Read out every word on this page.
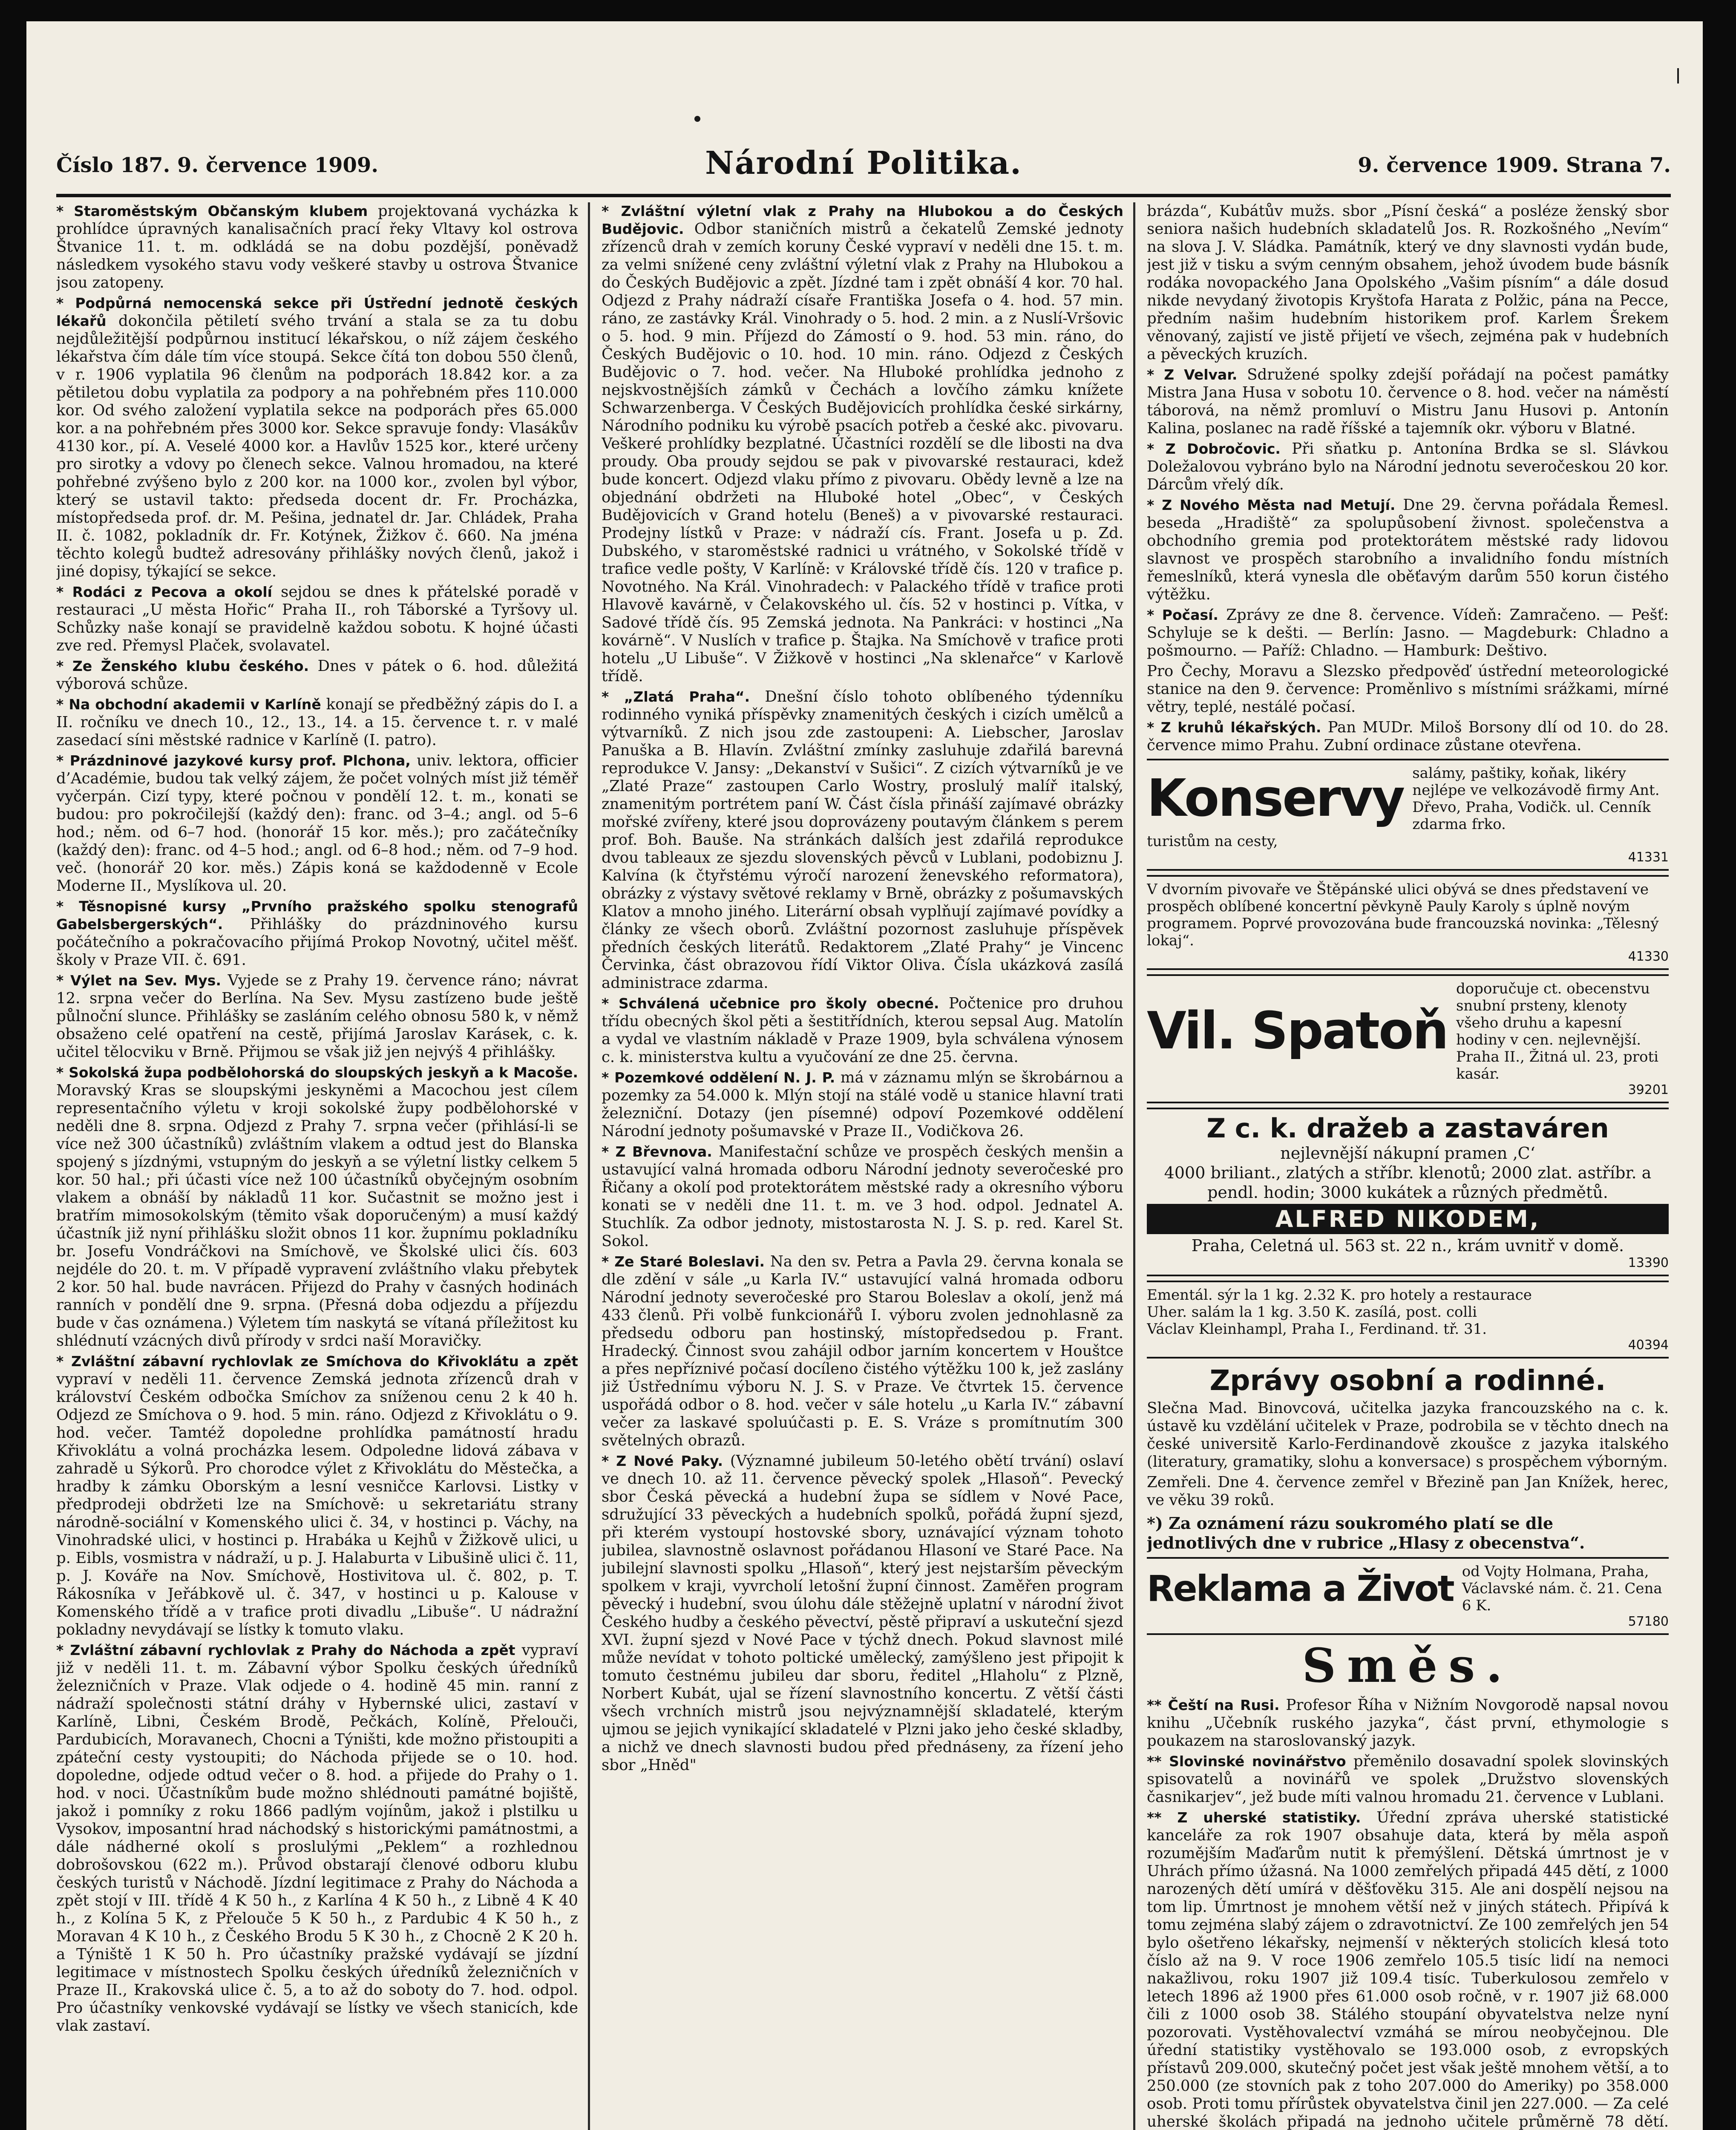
Číslo 187. 9. července 1909.	Národní Politika.	9. července 1909. Strana 7.

* Staroměstským Občanským klubem projektovaná vycházka k prohlídce úpravných kanalisačních prací řeky Vltavy kol ostrova Štvanice 11. t. m. odkládá se na dobu pozdější, poněvadž následkem vysokého stavu vody veškeré stavby u ostrova Štvanice jsou zatopeny.

* Podpůrná nemocenská sekce při Ústřední jednotě českých lékařů dokončila pětiletí svého trvání a stala se za tu dobu nejdůležitější podpůrnou institucí lékařskou, o níž zájem českého lékařstva čím dále tím více stoupá. Sekce čítá ton dobou 550 členů, v r. 1906 vyplatila 96 členům na podporách 18.842 kor. a za pětiletou dobu vyplatila za podpory a na pohřebném přes 110.000 kor. Od svého založení vyplatila sekce na podporách přes 65.000 kor. a na pohřebném přes 3000 kor. Sekce spravuje fondy: Vlasákův 4130 kor., pí. A. Veselé 4000 kor. a Havlův 1525 kor., které určeny pro sirotky a vdovy po členech sekce. Valnou hromadou, na které pohřebné zvýšeno bylo z 200 kor. na 1000 kor., zvolen byl výbor, který se ustavil takto: předseda docent dr. Fr. Procházka, místopředseda prof. dr. M. Pešina, jednatel dr. Jar. Chládek, Praha II. č. 1082, pokladník dr. Fr. Kotýnek, Žižkov č. 660. Na jména těchto kolegů budtež adresovány přihlášky nových členů, jakož i jiné dopisy, týkající se sekce.

* Rodáci z Pecova a okolí sejdou se dnes k přátelské poradě v restauraci „U města Hořic“ Praha II., roh Táborské a Tyršovy ul. Schůzky naše konají se pravidelně každou sobotu. K hojné účasti zve red. Přemysl Plaček, svolavatel.

* Ze Ženského klubu českého. Dnes v pátek o 6. hod. důležitá výborová schůze.

* Na obchodní akademii v Karlíně konají se předběžný zápis do I. a II. ročníku ve dnech 10., 12., 13., 14. a 15. července t. r. v malé zasedací síni městské radnice v Karlíně (I. patro).

* Prázdninové jazykové kursy prof. Plchona, univ. lektora, officier d’Académie, budou tak velký zájem, že počet volných míst již téměř vyčerpán. Cizí typy, které počnou v pondělí 12. t. m., konati se budou: pro pokročilejší (každý den): franc. od 3–4.; angl. od 5–6 hod.; něm. od 6–7 hod. (honorář 15 kor. měs.); pro začátečníky (každý den): franc. od 4–5 hod.; angl. od 6–8 hod.; něm. od 7–9 hod. več. (honorář 20 kor. měs.) Zápis koná se každodenně v Ecole Moderne II., Myslíkova ul. 20.

* Těsnopisné kursy „Prvního pražského spolku stenografů Gabelsbergerských“. Přihlášky do prázdninového kursu počátečního a pokračovacího přijímá Prokop Novotný, učitel měšť. školy v Praze VII. č. 691.

* Výlet na Sev. Mys. Vyjede se z Prahy 19. července ráno; návrat 12. srpna večer do Berlína. Na Sev. Mysu zastízeno bude ještě půlnoční slunce. Přihlášky se zasláním celého obnosu 580 k, v němž obsaženo celé opatření na cestě, přijímá Jaroslav Karásek, c. k. učitel tělocviku v Brně. Přijmou se však již jen nejvýš 4 přihlášky.

* Sokolská župa podbělohorská do sloupských jeskyň a k Macoše. Moravský Kras se sloupskými jeskyněmi a Macochou jest cílem representačního výletu v kroji sokolské župy podbělohorské v neděli dne 8. srpna. Odjezd z Prahy 7. srpna večer (přihlásí-li se více než 300 účastníků) zvláštním vlakem a odtud jest do Blanska spojený s jízdnými, vstupným do jeskyň a se výletní listky celkem 5 kor. 50 hal.; při účasti více než 100 účastníků obyčejným osobním vlakem a obnáší by nákladů 11 kor. Sučastnit se možno jest i bratřím mimosokolským (těmito však doporučeným) a musí každý účastník již nyní přihlášku složit obnos 11 kor. župnímu pokladníku br. Josefu Vondráčkovi na Smíchově, ve Školské ulici čís. 603 nejdéle do 20. t. m. V případě vypravení zvláštního vlaku přebytek 2 kor. 50 hal. bude navrácen. Přijezd do Prahy v časných hodinách ranních v pondělí dne 9. srpna. (Přesná doba odjezdu a příjezdu bude v čas oznámena.) Výletem tím naskytá se vítaná příležitost ku shlédnutí vzácných divů přírody v srdci naší Moravičky.

* Zvláštní zábavní rychlovlak ze Smíchova do Křivoklátu a zpět vypraví v neděli 11. července Zemská jednota zřízenců drah v království Českém odbočka Smíchov za sníženou cenu 2 k 40 h. Odjezd ze Smíchova o 9. hod. 5 min. ráno. Odjezd z Křivoklátu o 9. hod. večer. Tamtéž dopoledne prohlídka památností hradu Křivoklátu a volná procházka lesem. Odpoledne lidová zábava v zahradě u Sýkorů. Pro chorodce výlet z Křivoklátu do Městečka, a hradby k zámku Oborským a lesní vesničce Karlovsi. Listky v předprodeji obdržeti lze na Smíchově: u sekretariátu strany národně-sociální v Komenského ulici č. 34, v hostinci p. Váchy, na Vinohradské ulici, v hostinci p. Hrabáka u Kejhů v Žižkově ulici, u p. Eibls, vosmistra v nádraží, u p. J. Halaburta v Libušině ulici č. 11, p. J. Kováře na Nov. Smíchově, Hostivitova ul. č. 802, p. T. Rákosníka v Jeřábkově ul. č. 347, v hostinci u p. Kalouse v Komenského třídě a v trafice proti divadlu „Libuše“. U nádražní pokladny nevydávají se lístky k tomuto vlaku.

* Zvláštní zábavní rychlovlak z Prahy do Náchoda a zpět vypraví již v neděli 11. t. m. Zábavní výbor Spolku českých úředníků železničních v Praze. Vlak odjede o 4. hodině 45 min. ranní z nádraží společnosti státní dráhy v Hybernské ulici, zastaví v Karlíně, Libni, Českém Brodě, Pečkách, Kolíně, Přelouči, Pardubicích, Moravanech, Chocni a Týništi, kde možno přistoupiti a zpáteční cesty vystoupiti; do Náchoda přijede se o 10. hod. dopoledne, odjede odtud večer o 8. hod. a přijede do Prahy o 1. hod. v noci. Účastníkům bude možno shlédnouti památné bojiště, jakož i pomníky z roku 1866 padlým vojínům, jakož i plstilku u Vysokov, imposantní hrad náchodský s historickými památnostmi, a dále nádherné okolí s proslulými „Peklem“ a rozhlednou dobrošovskou (622 m.). Průvod obstarají členové odboru klubu českých turistů v Náchodě. Jízdní legitimace z Prahy do Náchoda a zpět stojí v III. třídě 4 K 50 h., z Karlína 4 K 50 h., z Libně 4 K 40 h., z Kolína 5 K, z Přelouče 5 K 50 h., z Pardubic 4 K 50 h., z Moravan 4 K 10 h., z Českého Brodu 5 K 30 h., z Chocně 2 K 20 h. a Týniště 1 K 50 h. Pro účastníky pražské vydávají se jízdní legitimace v místnostech Spolku českých úředníků železničních v Praze II., Krakovská ulice č. 5, a to až do soboty do 7. hod. odpol. Pro účastníky venkovské vydávají se lístky ve všech stanicích, kde vlak zastaví.

* Zvláštní výletní vlak z Prahy na Hlubokou a do Českých Budějovic. Odbor staničních mistrů a čekatelů Zemské jednoty zřízenců drah v zemích koruny České vypraví v neděli dne 15. t. m. za velmi snížené ceny zvláštní výletní vlak z Prahy na Hlubokou a do Českých Budějovic a zpět. Jízdné tam i zpět obnáší 4 kor. 70 hal. Odjezd z Prahy nádraží císaře Františka Josefa o 4. hod. 57 min. ráno, ze zastávky Král. Vinohrady o 5. hod. 2 min. a z Nuslí-Vršovic o 5. hod. 9 min. Příjezd do Zámostí o 9. hod. 53 min. ráno, do Českých Budějovic o 10. hod. 10 min. ráno. Odjezd z Českých Budějovic o 7. hod. večer. Na Hluboké prohlídka jednoho z nejskvostnějších zámků v Čechách a lovčího zámku knížete Schwarzenberga. V Českých Budějovicích prohlídka české sirkárny, Národního podniku ku výrobě psacích potřeb a české akc. pivovaru. Veškeré prohlídky bezplatné. Účastníci rozdělí se dle libosti na dva proudy. Oba proudy sejdou se pak v pivovarské restauraci, kdež bude koncert. Odjezd vlaku přímo z pivovaru. Obědy levně a lze na objednání obdržeti na Hluboké hotel „Obec“, v Českých Budějovicích v Grand hotelu (Beneš) a v pivovarské restauraci. Prodejny lístků v Praze: v nádraží cís. Frant. Josefa u p. Zd. Dubského, v staroměstské radnici u vrátného, v Sokolské třídě v trafice vedle pošty, V Karlíně: v Královské třídě čís. 120 v trafice p. Novotného. Na Král. Vinohradech: v Palackého třídě v trafice proti Hlavově kavárně, v Čelakovského ul. čís. 52 v hostinci p. Vítka, v Sadové třídě čís. 95 Zemská jednota. Na Pankráci: v hostinci „Na kovárně“. V Nuslích v trafice p. Štajka. Na Smíchově v trafice proti hotelu „U Libuše“. V Žižkově v hostinci „Na sklenařce“ v Karlově třídě.

* „Zlatá Praha“. Dnešní číslo tohoto oblíbeného týdenníku rodinného vyniká příspěvky znamenitých českých i cizích umělců a výtvarníků. Z nich jsou zde zastoupeni: A. Liebscher, Jaroslav Panuška a B. Hlavín. Zvláštní zmínky zasluhuje zdařilá barevná reprodukce V. Jansy: „Dekanství v Sušici“. Z cizích výtvarníků je ve „Zlaté Praze“ zastoupen Carlo Wostry, proslulý malíř italský, znamenitým portrétem paní W. Část čísla přináší zajímavé obrázky mořské zvířeny, které jsou doprovázeny poutavým článkem s perem prof. Boh. Bauše. Na stránkách dalších jest zdařilá reprodukce dvou tableaux ze sjezdu slovenských pěvců v Lublani, podobiznu J. Kalvína (k čtyřstému výročí narození ženevského reformatora), obrázky z výstavy světové reklamy v Brně, obrázky z pošumavských Klatov a mnoho jiného. Literární obsah vyplňují zajímavé povídky a články ze všech oborů. Zvláštní pozornost zasluhuje příspěvek předních českých literátů. Redaktorem „Zlaté Prahy“ je Vincenc Červinka, část obrazovou řídí Viktor Oliva. Čísla ukázková zasílá administrace zdarma.

* Schválená učebnice pro školy obecné. Počtenice pro druhou třídu obecných škol pěti a šestitřídních, kterou sepsal Aug. Matolín a vydal ve vlastním nákladě v Praze 1909, byla schválena výnosem c. k. ministerstva kultu a vyučování ze dne 25. června.

* Pozemkové oddělení N. J. P. má v záznamu mlýn se škrobárnou a pozemky za 54.000 k. Mlýn stojí na stálé vodě u stanice hlavní trati železniční. Dotazy (jen písemné) odpoví Pozemkové oddělení Národní jednoty pošumavské v Praze II., Vodičkova 26.

* Z Břevnova. Manifestační schůze ve prospěch českých menšin a ustavující valná hromada odboru Národní jednoty severočeské pro Řičany a okolí pod protektorátem městské rady a okresního výboru konati se v neděli dne 11. t. m. ve 3 hod. odpol. Jednatel A. Stuchlík. Za odbor jednoty, mistostarosta N. J. S. p. red. Karel St. Sokol.

* Ze Staré Boleslavi. Na den sv. Petra a Pavla 29. června konala se dle zdění v sále „u Karla IV.“ ustavující valná hromada odboru Národní jednoty severočeské pro Starou Boleslav a okolí, jenž má 433 členů. Při volbě funkcionářů I. výboru zvolen jednohlasně za předsedu odboru pan hostinský, místopředsedou p. Frant. Hradecký. Činnost svou zahájil odbor jarním koncertem v Houštce a přes nepříznivé počasí docíleno čistého výtěžku 100 k, jež zaslány již Ústřednímu výboru N. J. S. v Praze. Ve čtvrtek 15. července uspořádá odbor o 8. hod. večer v sále hotelu „u Karla IV.“ zábavní večer za laskavé spoluúčasti p. E. S. Vráze s promítnutím 300 světelných obrazů.

* Z Nové Paky. (Významné jubileum 50-letého obětí trvání) oslaví ve dnech 10. až 11. července pěvecký spolek „Hlasoň“. Pevecký sbor Česká pěvecká a hudební župa se sídlem v Nové Pace, sdružující 33 pěveckých a hudebních spolků, pořádá župní sjezd, při kterém vystoupí hostovské sbory, uznávající význam tohoto jubilea, slavnostně oslavnost pořádanou Hlasoní ve Staré Pace. Na jubilejní slavnosti spolku „Hlasoň“, který jest nejstarším pěveckým spolkem v kraji, vyvrcholí letošní župní činnost. Zaměřen program pěvecký i hudební, svou úlohu dále stěžejně uplatní v národní život Českého hudby a českého pěvectví, pěstě připraví a uskuteční sjezd XVI. župní sjezd v Nové Pace v týchž dnech. Pokud slavnost milé může nevídat v tohoto poltické umělecký, zamýšleno jest připojit k tomuto čestnému jubileu dar sboru, ředitel „Hlaholu“ z Plzně, Norbert Kubát, ujal se řízení slavnostního koncertu. Z větší části všech vrchních mistrů jsou nejvýznamnější skladatelé, kterým ujmou se jejich vynikající skladatelé v Plzni jako jeho české skladby, a nichž ve dnech slavnosti budou před přednáseny, za řízení jeho sbor „Hněd"

brázda“, Kubátův mužs. sbor „Písní česká“ a posléze ženský sbor seniora našich hudebních skladatelů Jos. R. Rozkošného „Nevím“ na slova J. V. Sládka. Památník, který ve dny slavnosti vydán bude, jest již v tisku a svým cenným obsahem, jehož úvodem bude básník rodáka novopackého Jana Opolského „Vašim písním“ a dále dosud nikde nevydaný životopis Kryštofa Harata z Polžic, pána na Pecce, předním našim hudebním historikem prof. Karlem Šrekem věnovaný, zajistí ve jistě přijetí ve všech, zejména pak v hudebních a pěveckých kruzích.

* Z Velvar. Sdružené spolky zdejší pořádají na počest památky Mistra Jana Husa v sobotu 10. července o 8. hod. večer na náměstí táborová, na němž promluví o Mistru Janu Husovi p. Antonín Kalina, poslanec na radě říšské a tajemník okr. výboru v Blatné.

* Z Dobročovic. Při sňatku p. Antonína Brdka se sl. Slávkou Doležalovou vybráno bylo na Národní jednotu severočeskou 20 kor. Dárcům vřelý dík.

* Z Nového Města nad Metují. Dne 29. června pořádala Řemesl. beseda „Hradiště“ za spolupůsobení živnost. společenstva a obchodního gremia pod protektorátem městské rady lidovou slavnost ve prospěch starobního a invalidního fondu místních řemeslníků, která vynesla dle oběťavým darům 550 korun čistého výtěžku.

* Počasí. Zprávy ze dne 8. července. Vídeň: Zamračeno. — Pešť: Schyluje se k dešti. — Berlín: Jasno. — Magdeburk: Chladno a pošmourno. — Paříž: Chladno. — Hamburk: Deštivo.

Pro Čechy, Moravu a Slezsko předpověď ústřední meteorologické stanice na den 9. července: Proměnlivo s místními srážkami, mírné větry, teplé, nestálé počasí.

* Z kruhů lékařských. Pan MUDr. Miloš Borsony dlí od 10. do 28. července mimo Prahu. Zubní ordinace zůstane otevřena.

Konservy salámy, paštiky, koňak, likéry nejlépe ve velkozávodě firmy Ant. Dřevo, Praha, Vodičk. ul. Cenník zdarma frko.
turistům na cesty,
41331
V dvorním pivovaře ve Štěpánské ulici obývá se dnes představení ve prospěch oblíbené koncertní pěvkyně Pauly Karoly s úplně novým programem. Poprvé provozována bude francouzská novinka: „Tělesný lokaj“.
41330
Vil. Spatoň
doporučuje ct. obecenstvu snubní prsteny, klenoty všeho druhu a kapesní hodiny v cen. nejlevnější. Praha II., Žitná ul. 23, proti kasár.
39201
Z c. k. dražeb a zastaváren
nejlevnější nákupní pramen ‚C‘
4000 briliant., zlatých a stříbr. klenotů; 2000 zlat. astříbr. a pendl. hodin; 3000 kukátek a různých předmětů.
ALFRED NIKODEM,
Praha, Celetná ul. 563 st. 22 n., krám uvnitř v domě.
13390
Ementál. sýr la 1 kg. 2.32 K. pro hotely a restaurace
Uher. salám la 1 kg. 3.50 K. zasílá, post. colli
Václav Kleinhampl, Praha I., Ferdinand. tř. 31.
40394
Zprávy osobní a rodinné.

Slečna Mad. Binovcová, učitelka jazyka francouzského na c. k. ústavě ku vzdělání učitelek v Praze, podrobila se v těchto dnech na české universitě Karlo-Ferdinandově zkoušce z jazyka italského (literatury, gramatiky, slohu a konversace) s prospěchem výborným.

Zemřeli. Dne 4. července zemřel v Březině pan Jan Knížek, herec, ve věku 39 roků.

*) Za oznámení rázu soukromého platí se dle jednotlivých dne v rubrice „Hlasy z obecenstva“.
Reklama a Život od Vojty Holmana, Praha, Václavské nám. č. 21. Cena 6 K.
57180
Směs.

** Čeští na Rusi. Profesor Říha v Nižním Novgorodě napsal novou knihu „Učebník ruského jazyka“, část první, ethymologie s poukazem na staroslovanský jazyk.

** Slovinské novinářstvo přeměnilo dosavadní spolek slovinských spisovatelů a novinářů ve spolek „Družstvo slovenských časnikarjev“, jež bude míti valnou hromadu 21. července v Lublani.

** Z uherské statistiky. Úřední zpráva uherské statistické kanceláře za rok 1907 obsahuje data, která by měla aspoň rozumějším Maďarům nutit k přemýšlení. Dětská úmrtnost je v Uhrách přímo úžasná. Na 1000 zemřelých připadá 445 dětí, z 1000 narozených dětí umírá v děšťověku 315. Ale ani dospělí nejsou na tom lip. Úmrtnost je mnohem větší než v jiných státech. Připívá k tomu zejména slabý zájem o zdravotnictví. Ze 100 zemřelých jen 54 bylo ošetřeno lékařsky, nejmenší v některých stolicích klesá toto číslo až na 9. V roce 1906 zemřelo 105.5 tisíc lidí na nemoci nakažlivou, roku 1907 již 109.4 tisíc. Tuberkulosou zemřelo v letech 1896 až 1900 přes 61.000 osob ročně, v r. 1907 již 68.000 čili z 1000 osob 38. Stálého stoupání obyvatelstva nelze nyní pozorovati. Vystěhovalectví vzmáhá se mírou neobyčejnou. Dle úřední statistiky vystěhovalo se 193.000 osob, z evropských přístavů 209.000, skutečný počet jest však ještě mnohem větší, a to 250.000 (ze stovních pak z toho 207.000 do Ameriky) po 358.000 osob. Proti tomu přírůstek obyvatelstva činil jen 227.000. — Za celé uherské školách připadá na jednoho učitele průměrně 78 dětí.
